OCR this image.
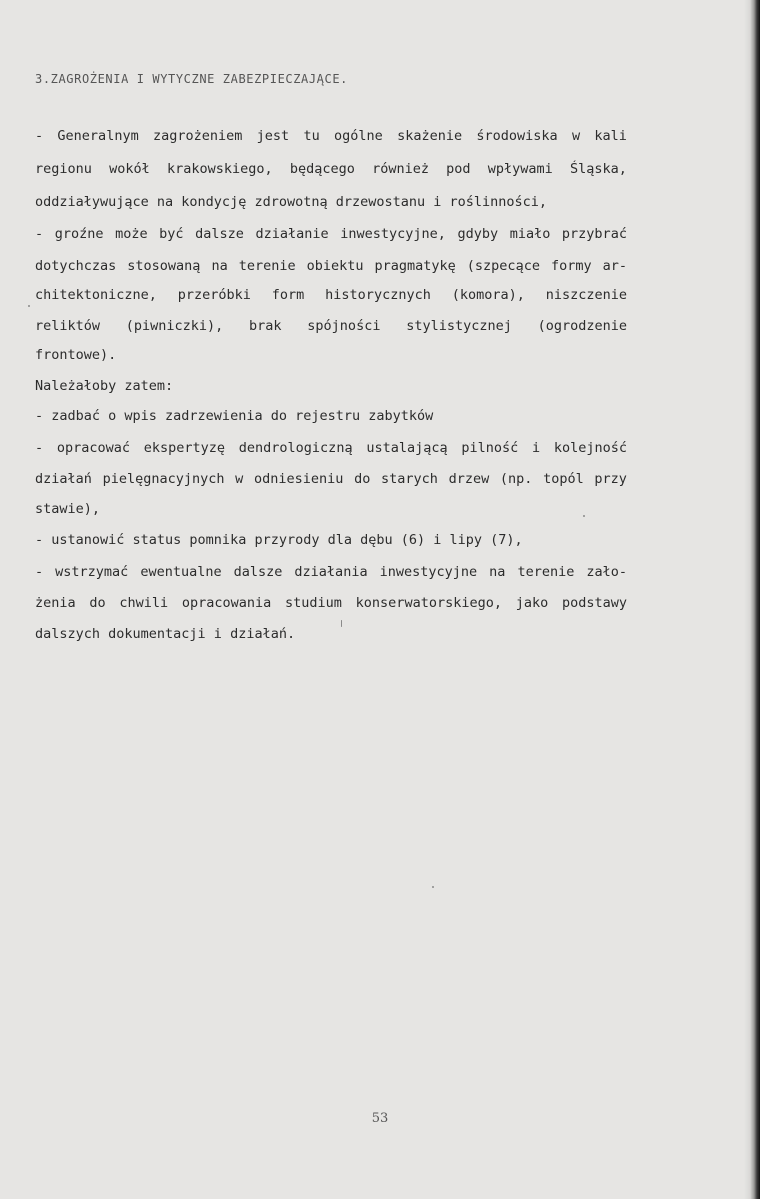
3.ZAGROŻENIA I WYTYCZNE ZABEZPIECZAJĄCE.
- Generalnym zagrożeniem jest tu ogólne skażenie środowiska w kali
regionu wokół krakowskiego, będącego również pod wpływami Śląska,
oddziaływujące na kondycję zdrowotną drzewostanu i roślinności,
- groźne może być dalsze działanie inwestycyjne, gdyby miało przybrać
dotychczas stosowaną na terenie obiektu pragmatykę (szpecące formy ar-
chitektoniczne, przeróbki form historycznych (komora), niszczenie
reliktów (piwniczki), brak spójności stylistycznej (ogrodzenie
frontowe).
Należałoby zatem:
- zadbać o wpis zadrzewienia do rejestru zabytków
- opracować ekspertyzę dendrologiczną ustalającą pilność i kolejność
działań pielęgnacyjnych w odniesieniu do starych drzew (np. topól przy
stawie),
- ustanowić status pomnika przyrody dla dębu (6) i lipy (7),
- wstrzymać ewentualne dalsze działania inwestycyjne na terenie zało-
żenia do chwili opracowania studium konserwatorskiego, jako podstawy
dalszych dokumentacji i działań.
53
